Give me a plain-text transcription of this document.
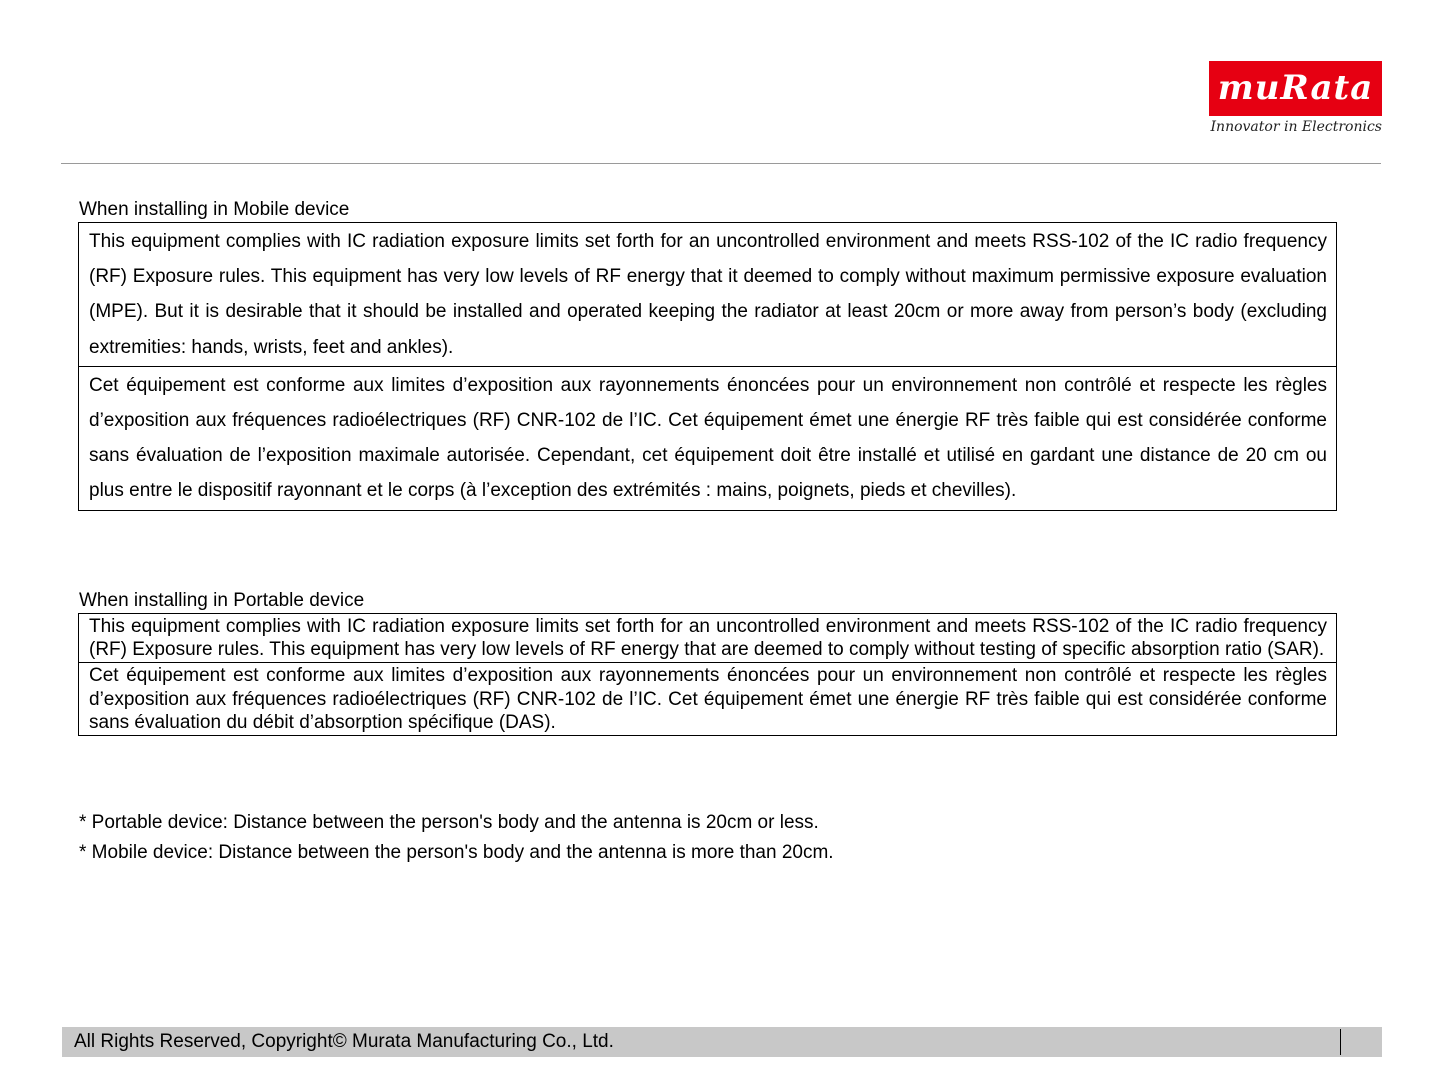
muRata
Innovator in Electronics
When installing in Mobile device
This equipment complies with IC radiation exposure limits set forth for an uncontrolled environment and meets RSS-102 of the IC radio frequency (RF) Exposure rules. This equipment has very low levels of RF energy that it deemed to comply without maximum permissive exposure evaluation (MPE). But it is desirable that it should be installed and operated keeping the radiator at least 20cm or more away from person’s body (excluding extremities: hands, wrists, feet and ankles).
Cet équipement est conforme aux limites d’exposition aux rayonnements énoncées pour un environnement non contrôlé et respecte les règles d’exposition aux fréquences radioélectriques (RF) CNR-102 de l’IC. Cet équipement émet une énergie RF très faible qui est considérée conforme sans évaluation de l’exposition maximale autorisée. Cependant, cet équipement doit être installé et utilisé en gardant une distance de 20 cm ou plus entre le dispositif rayonnant et le corps (à l’exception des extrémités : mains, poignets, pieds et chevilles).
When installing in Portable device
This equipment complies with IC radiation exposure limits set forth for an uncontrolled environment and meets RSS-102 of the IC radio frequency (RF) Exposure rules. This equipment has very low levels of RF energy that are deemed to comply without testing of specific absorption ratio (SAR).
Cet équipement est conforme aux limites d’exposition aux rayonnements énoncées pour un environnement non contrôlé et respecte les règles d’exposition aux fréquences radioélectriques (RF) CNR-102 de l’IC. Cet équipement émet une énergie RF très faible qui est considérée conforme sans évaluation du débit d’absorption spécifique (DAS).
* Portable device: Distance between the person's body and the antenna is 20cm or less.
* Mobile device: Distance between the person's body and the antenna is more than 20cm.
All Rights Reserved, Copyright© Murata Manufacturing Co., Ltd.
